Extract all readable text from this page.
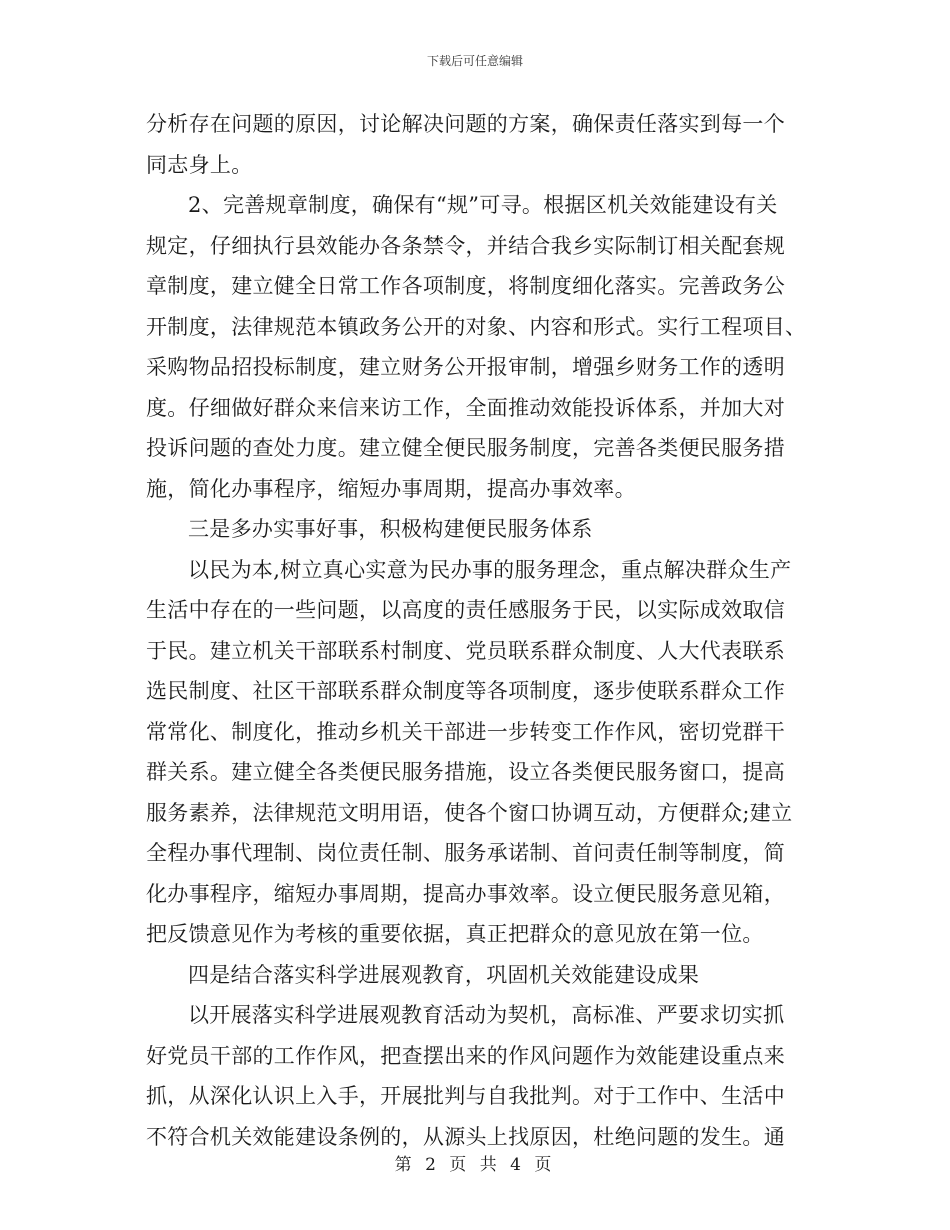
下载后可任意编辑
分析存在问题的原因，讨论解决问题的方案，确保责任落实到每一个
同志身上。
2、完善规章制度，确保有“规”可寻。根据区机关效能建设有关
规定，仔细执行县效能办各条禁令，并结合我乡实际制订相关配套规
章制度，建立健全日常工作各项制度，将制度细化落实。完善政务公
开制度，法律规范本镇政务公开的对象、内容和形式。实行工程项目、
采购物品招投标制度，建立财务公开报审制，增强乡财务工作的透明
度。仔细做好群众来信来访工作，全面推动效能投诉体系，并加大对
投诉问题的查处力度。建立健全便民服务制度，完善各类便民服务措
施，简化办事程序，缩短办事周期，提高办事效率。
三是多办实事好事，积极构建便民服务体系
以民为本,树立真心实意为民办事的服务理念，重点解决群众生产
生活中存在的一些问题，以高度的责任感服务于民，以实际成效取信
于民。建立机关干部联系村制度、党员联系群众制度、人大代表联系
选民制度、社区干部联系群众制度等各项制度，逐步使联系群众工作
常常化、制度化，推动乡机关干部进一步转变工作作风，密切党群干
群关系。建立健全各类便民服务措施，设立各类便民服务窗口，提高
服务素养，法律规范文明用语，使各个窗口协调互动，方便群众;建立
全程办事代理制、岗位责任制、服务承诺制、首问责任制等制度，简
化办事程序，缩短办事周期，提高办事效率。设立便民服务意见箱，
把反馈意见作为考核的重要依据，真正把群众的意见放在第一位。
四是结合落实科学进展观教育，巩固机关效能建设成果
以开展落实科学进展观教育活动为契机，高标准、严要求切实抓
好党员干部的工作作风，把查摆出来的作风问题作为效能建设重点来
抓，从深化认识上入手，开展批判与自我批判。对于工作中、生活中
不符合机关效能建设条例的，从源头上找原因，杜绝问题的发生。通
第 2 页 共 4 页
